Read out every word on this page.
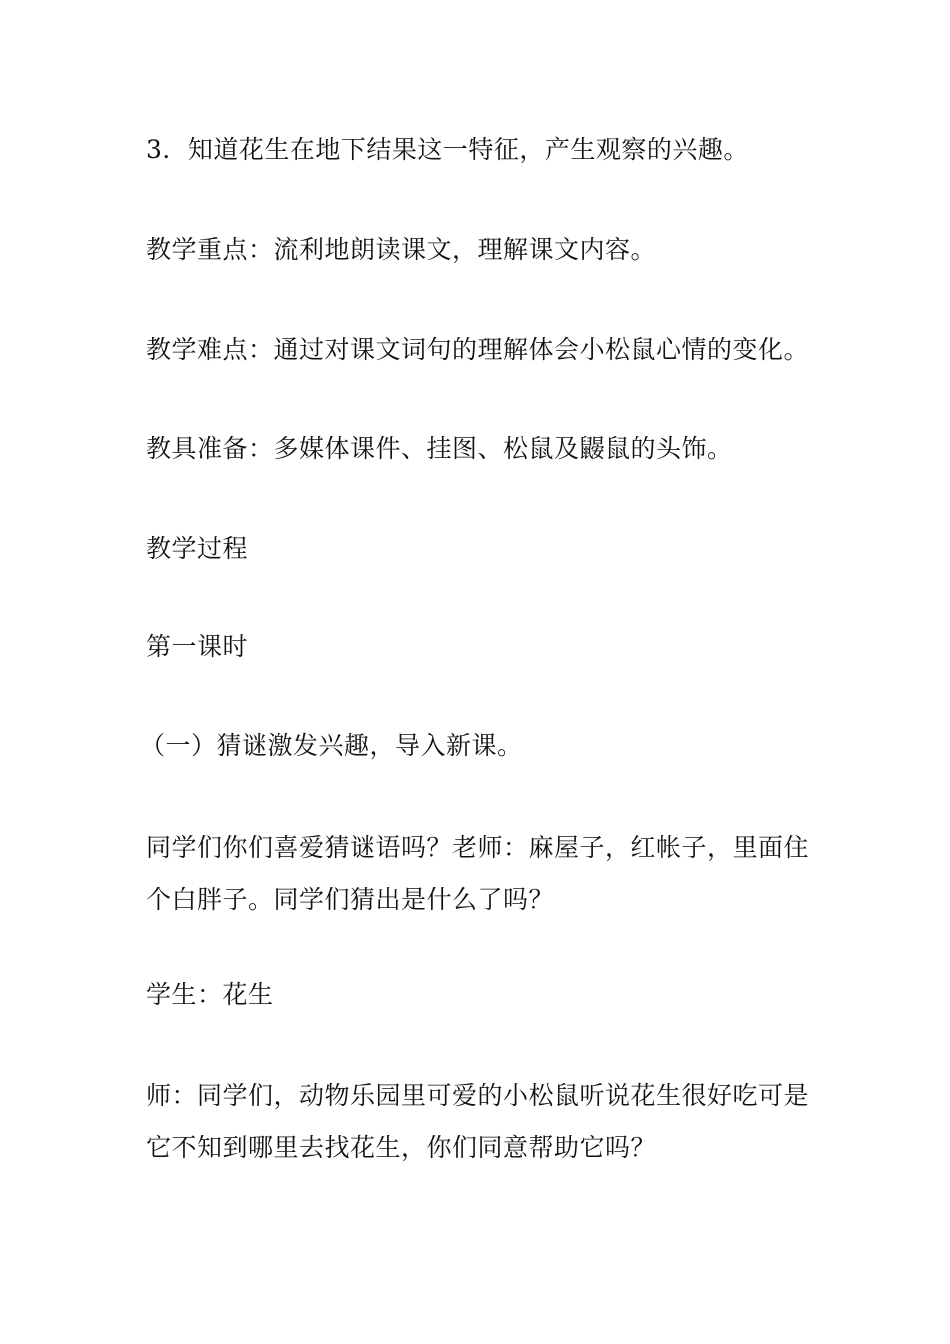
3．知道花生在地下结果这一特征，产生观察的兴趣。
教学重点：流利地朗读课文，理解课文内容。
教学难点：通过对课文词句的理解体会小松鼠心情的变化。
教具准备：多媒体课件、挂图、松鼠及鼹鼠的头饰。
教学过程
第一课时
（一）猜谜激发兴趣，导入新课。
同学们你们喜爱猜谜语吗？老师：麻屋子，红帐子，里面住个白胖子。同学们猜出是什么了吗？
学生：花生
师：同学们，动物乐园里可爱的小松鼠听说花生很好吃可是它不知到哪里去找花生，你们同意帮助它吗？
